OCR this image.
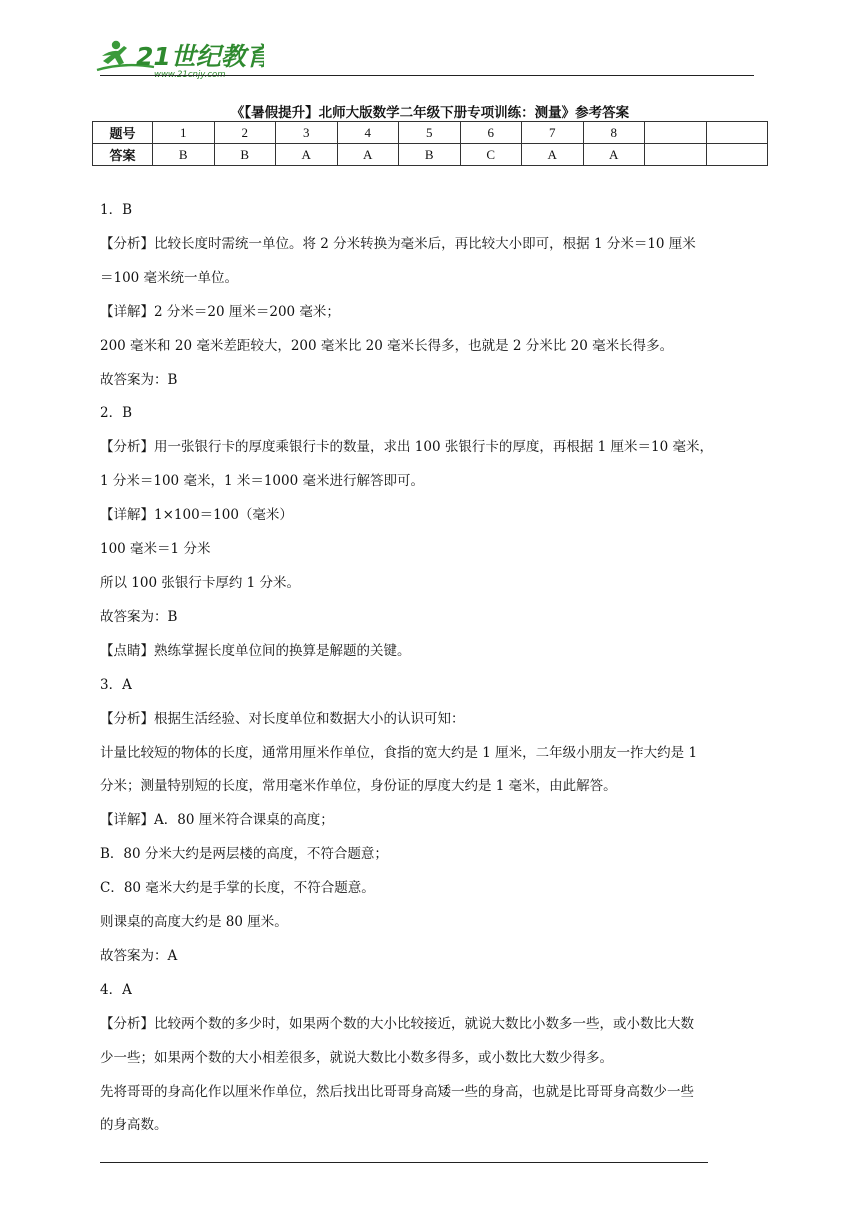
21世纪教育
www.21cnjy.com
《【暑假提升】北师大版数学二年级下册专项训练：测量》参考答案
题号	1	2	3	4	5	6	7	8		
答案	B	B	A	A	B	C	A	A		
1．B
【分析】比较长度时需统一单位。将 2 分米转换为毫米后，再比较大小即可，根据 1 分米＝10 厘米
＝100 毫米统一单位。
【详解】2 分米＝20 厘米＝200 毫米；
200 毫米和 20 毫米差距较大，200 毫米比 20 毫米长得多，也就是 2 分米比 20 毫米长得多。
故答案为：B
2．B
【分析】用一张银行卡的厚度乘银行卡的数量，求出 100 张银行卡的厚度，再根据 1 厘米＝10 毫米，
1 分米＝100 毫米，1 米＝1000 毫米进行解答即可。
【详解】1×100＝100（毫米）
100 毫米＝1 分米
所以 100 张银行卡厚约 1 分米。
故答案为：B
【点睛】熟练掌握长度单位间的换算是解题的关键。
3．A
【分析】根据生活经验、对长度单位和数据大小的认识可知：
计量比较短的物体的长度，通常用厘米作单位，食指的宽大约是 1 厘米，二年级小朋友一拃大约是 1
分米；测量特别短的长度，常用毫米作单位，身份证的厚度大约是 1 毫米，由此解答。
【详解】A．80 厘米符合课桌的高度；
B．80 分米大约是两层楼的高度，不符合题意；
C．80 毫米大约是手掌的长度，不符合题意。
则课桌的高度大约是 80 厘米。
故答案为：A
4．A
【分析】比较两个数的多少时，如果两个数的大小比较接近，就说大数比小数多一些，或小数比大数
少一些；如果两个数的大小相差很多，就说大数比小数多得多，或小数比大数少得多。
先将哥哥的身高化作以厘米作单位，然后找出比哥哥身高矮一些的身高，也就是比哥哥身高数少一些
的身高数。
